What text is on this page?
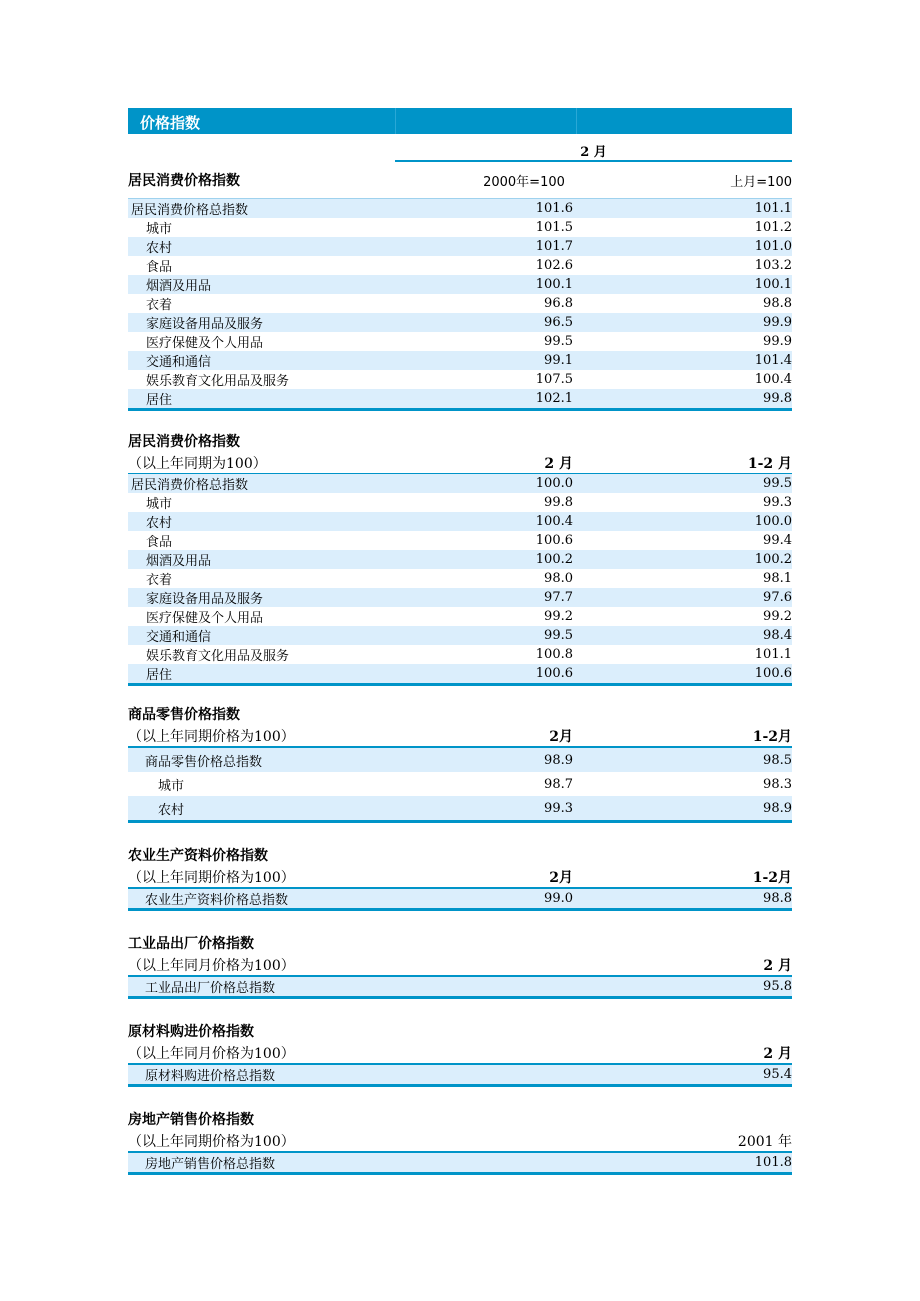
价格指数
2 月
居民消费价格指数	2000年=100	上月=100
居民消费价格总指数	101.6	101.1
城市	101.5	101.2
农村	101.7	101.0
食品	102.6	103.2
烟酒及用品	100.1	100.1
衣着	96.8	98.8
家庭设备用品及服务	96.5	99.9
医疗保健及个人用品	99.5	99.9
交通和通信	99.1	101.4
娱乐教育文化用品及服务	107.5	100.4
居住	102.1	99.8
居民消费价格指数
（以上年同期为100）	2 月	1-2 月
居民消费价格总指数	100.0	99.5
城市	99.8	99.3
农村	100.4	100.0
食品	100.6	99.4
烟酒及用品	100.2	100.2
衣着	98.0	98.1
家庭设备用品及服务	97.7	97.6
医疗保健及个人用品	99.2	99.2
交通和通信	99.5	98.4
娱乐教育文化用品及服务	100.8	101.1
居住	100.6	100.6
商品零售价格指数
（以上年同期价格为100）	2月	1-2月
商品零售价格总指数	98.9	98.5
城市	98.7	98.3
农村	99.3	98.9
农业生产资料价格指数
（以上年同期价格为100）	2月	1-2月
农业生产资料价格总指数	99.0	98.8
工业品出厂价格指数
（以上年同月价格为100）	2 月
工业品出厂价格总指数	95.8
原材料购进价格指数
（以上年同月价格为100）	2 月
原材料购进价格总指数	95.4
房地产销售价格指数
（以上年同期价格为100）	2001 年
房地产销售价格总指数	101.8
